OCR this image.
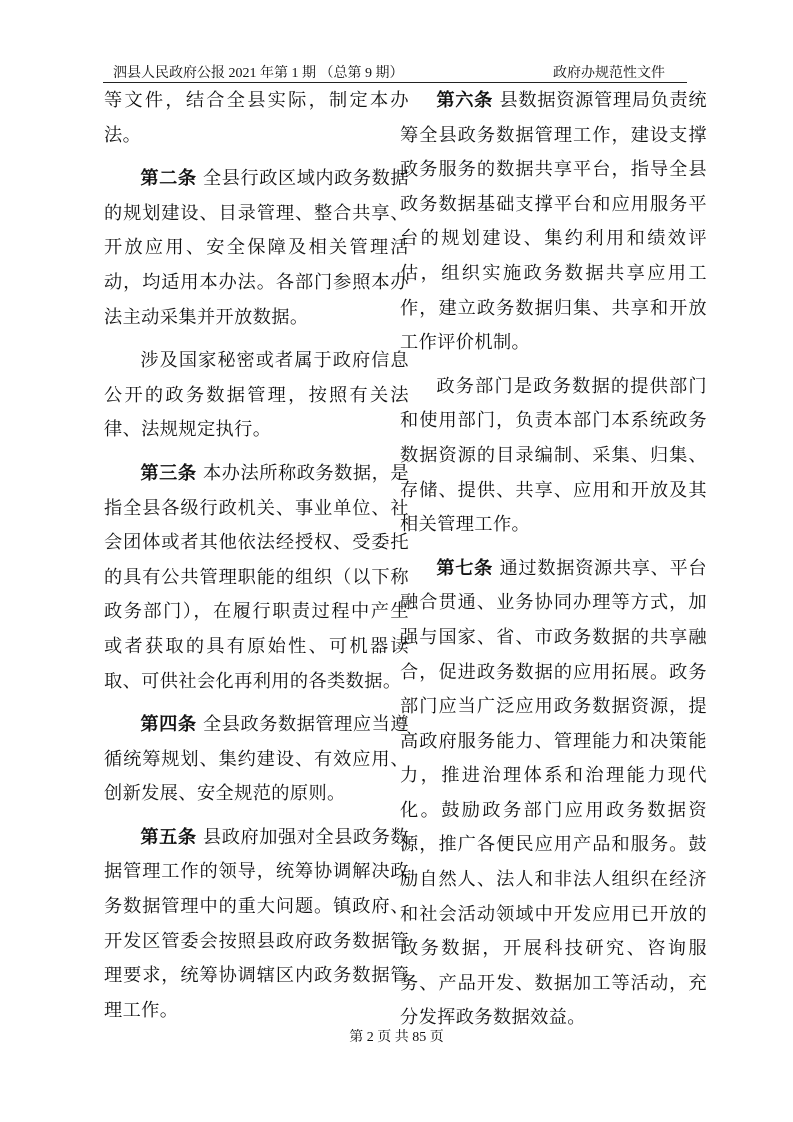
泗县人民政府公报 2021 年第 1 期 （总第 9 期）	政府办规范性文件

等文件，结合全县实际，制定本办法。

第二条 全县行政区域内政务数据的规划建设、目录管理、整合共享、开放应用、安全保障及相关管理活动，均适用本办法。各部门参照本办法主动采集并开放数据。

涉及国家秘密或者属于政府信息公开的政务数据管理，按照有关法律、法规规定执行。

第三条 本办法所称政务数据，是指全县各级行政机关、事业单位、社会团体或者其他依法经授权、受委托的具有公共管理职能的组织（以下称政务部门），在履行职责过程中产生或者获取的具有原始性、可机器读取、可供社会化再利用的各类数据。

第四条 全县政务数据管理应当遵循统筹规划、集约建设、有效应用、创新发展、安全规范的原则。

第五条 县政府加强对全县政务数据管理工作的领导，统筹协调解决政务数据管理中的重大问题。镇政府、开发区管委会按照县政府政务数据管理要求，统筹协调辖区内政务数据管理工作。

第六条 县数据资源管理局负责统筹全县政务数据管理工作，建设支撑政务服务的数据共享平台，指导全县政务数据基础支撑平台和应用服务平台的规划建设、集约利用和绩效评估，组织实施政务数据共享应用工作，建立政务数据归集、共享和开放工作评价机制。

政务部门是政务数据的提供部门和使用部门，负责本部门本系统政务数据资源的目录编制、采集、归集、存储、提供、共享、应用和开放及其相关管理工作。

第七条 通过数据资源共享、平台融合贯通、业务协同办理等方式，加强与国家、省、市政务数据的共享融合，促进政务数据的应用拓展。政务部门应当广泛应用政务数据资源，提高政府服务能力、管理能力和决策能力，推进治理体系和治理能力现代化。鼓励政务部门应用政务数据资源，推广各便民应用产品和服务。鼓励自然人、法人和非法人组织在经济和社会活动领域中开发应用已开放的政务数据，开展科技研究、咨询服务、产品开发、数据加工等活动，充分发挥政务数据效益。

第 2 页 共 85 页
